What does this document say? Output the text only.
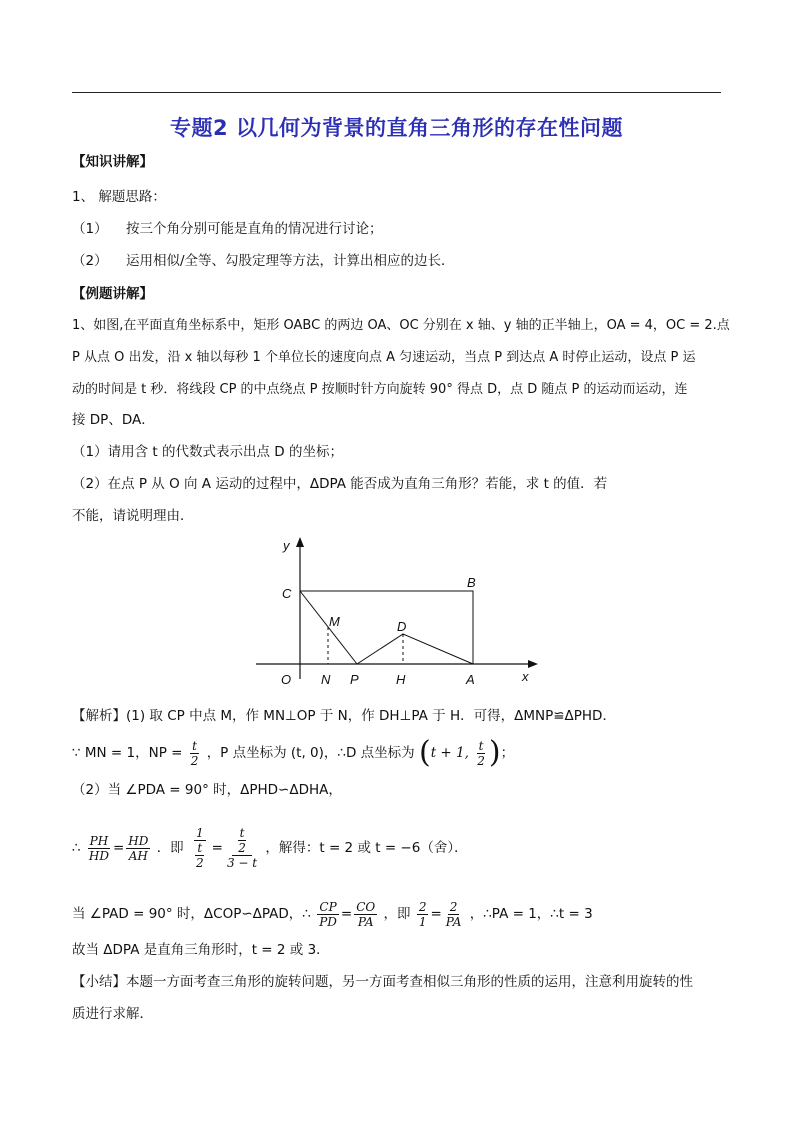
专题2 以几何为背景的直角三角形的存在性问题
【知识讲解】
1、 解题思路：
（1） 按三个角分别可能是直角的情况进行讨论；
（2） 运用相似/全等、勾股定理等方法，计算出相应的边长．
【例题讲解】
1、如图,在平面直角坐标系中，矩形 OABC 的两边 OA、OC 分别在 x 轴、y 轴的正半轴上，OA = 4，OC = 2.点
P 从点 O 出发，沿 x 轴以每秒 1 个单位长的速度向点 A 匀速运动，当点 P 到达点 A 时停止运动，设点 P 运
动的时间是 t 秒．将线段 CP 的中点绕点 P 按顺时针方向旋转 90° 得点 D，点 D 随点 P 的运动而运动，连
接 DP、DA．
（1）请用含 t 的代数式表示出点 D 的坐标；
（2）在点 P 从 O 向 A 运动的过程中，ΔDPA 能否成为直角三角形？若能，求 t 的值．若
不能，请说明理由．
y
x
C
B
M	D
O N P	H	A
【解析】(1) 取 CP 中点 M，作 MN⊥OP 于 N，作 DH⊥PA 于 H．可得，ΔMNP≌ΔPHD．
∵ MN = 1，NP = $\frac{t}{2}$ ，P 点坐标为 (t, 0)，∴D 点坐标为 (t + 1, $\frac{t}{2}$ )；
（2）当 ∠PDA = 90° 时，ΔPHD∽ΔDHA，
∴ $\frac{PH}{HD} = \frac{HD}{AH}$ ．即 $\frac{1}{\frac{t}{2}} = \frac{\frac{t}{2}}{3 - t}$ ，解得：t = 2 或 t = −6（舍）．
当 ∠PAD = 90° 时，ΔCOP∽ΔPAD，∴ $\frac{CP}{PD} = \frac{CO}{PA}$ ，即 $\frac{2}{1} = \frac{2}{PA}$ ，∴PA = 1，∴t = 3
故当 ΔDPA 是直角三角形时，t = 2 或 3．
【小结】本题一方面考查三角形的旋转问题，另一方面考查相似三角形的性质的运用，注意利用旋转的性
质进行求解．
